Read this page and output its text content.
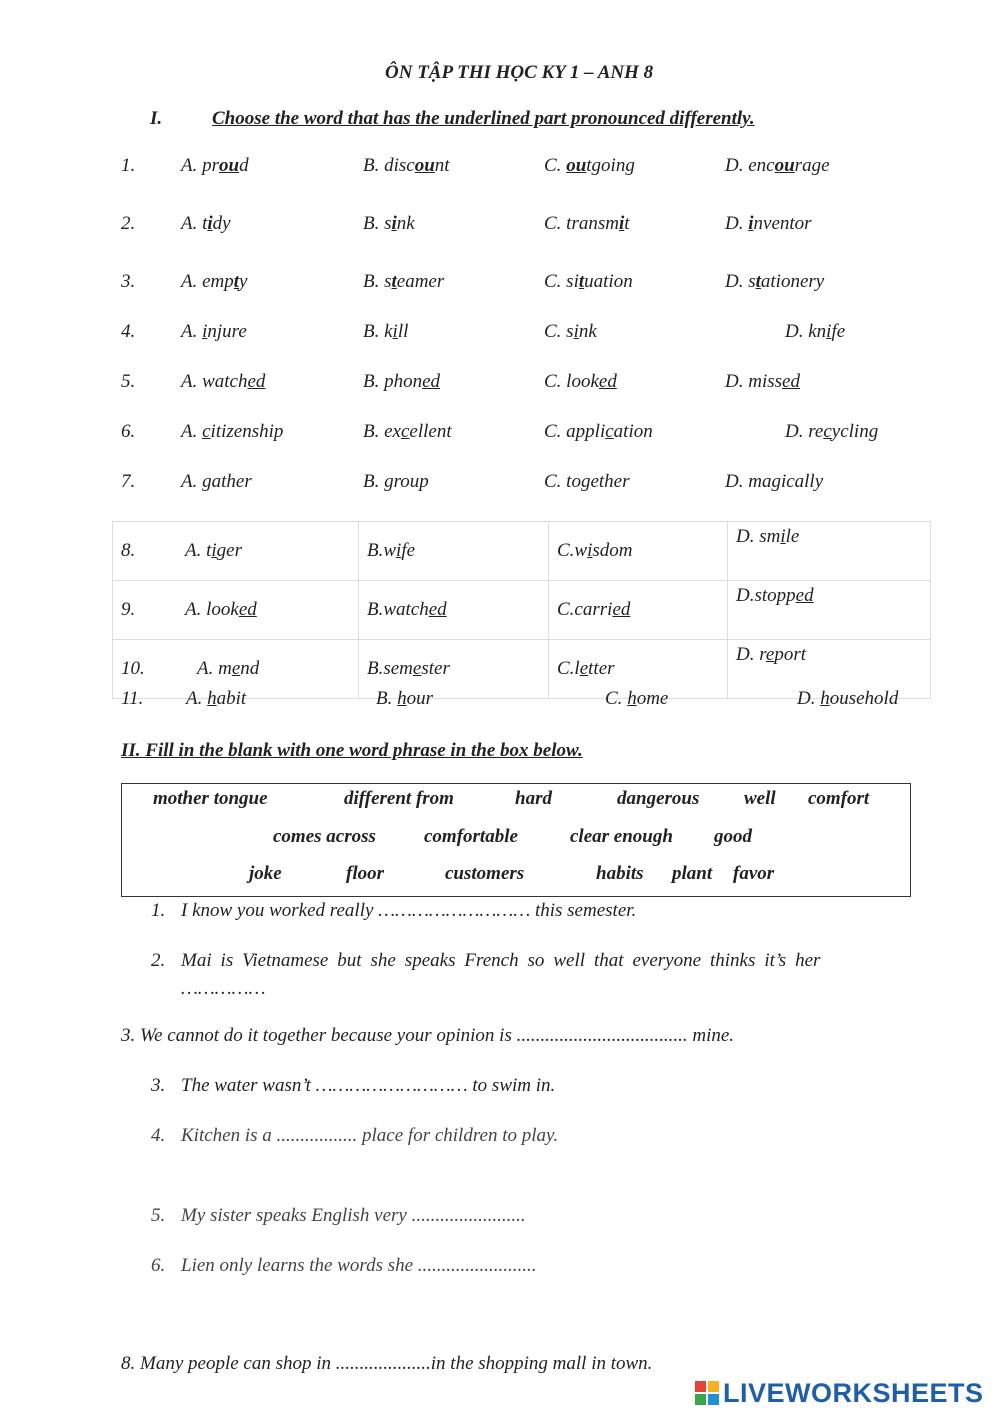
ÔN TẬP THI HỌC KY 1 – ANH 8
I.	Choose the word that has the underlined part pronounced differently.
1. A. proud	B. discount	C. outgoing	D. encourage
2. A. tidy	B. sink	C. transmit	D. inventor
3. A. empty	B. steamer	C. situation	D. stationery
4. A. injure	B. kill	C. sink	D. knife
5. A. watched	B. phoned	C. looked	D. missed
6. A. citizenship	B. excellent	C. application	D. recycling
7. A. gather	B. group	C. together	D. magically
8. A. tiger	B.wife	C.wisdom	D. smile
9. A. looked	B.watched	C.carried	D.stopped
10. A. mend	B.semester	C.letter	D. report
11. A. habit	B. hour	C. home	D. household
II. Fill in the blank with one word phrase in the box below.
mother tongue	different from	hard	dangerous well comfort
comes across	comfortable	clear enough good
joke	floor	customers	habits plant favor
1. I know you worked really ……………………… this semester.
2. Mai is Vietnamese but she speaks French so well that everyone thinks it’s her
……………
3. We cannot do it together because your opinion is .................................... mine.
3. The water wasn’t ……………………… to swim in.
4. Kitchen is a ................. place for children to play.
5. My sister speaks English very ........................
6. Lien only learns the words she .........................
8. Many people can shop in ....................in the shopping mall in town.
LIVEWORKSHEETS
